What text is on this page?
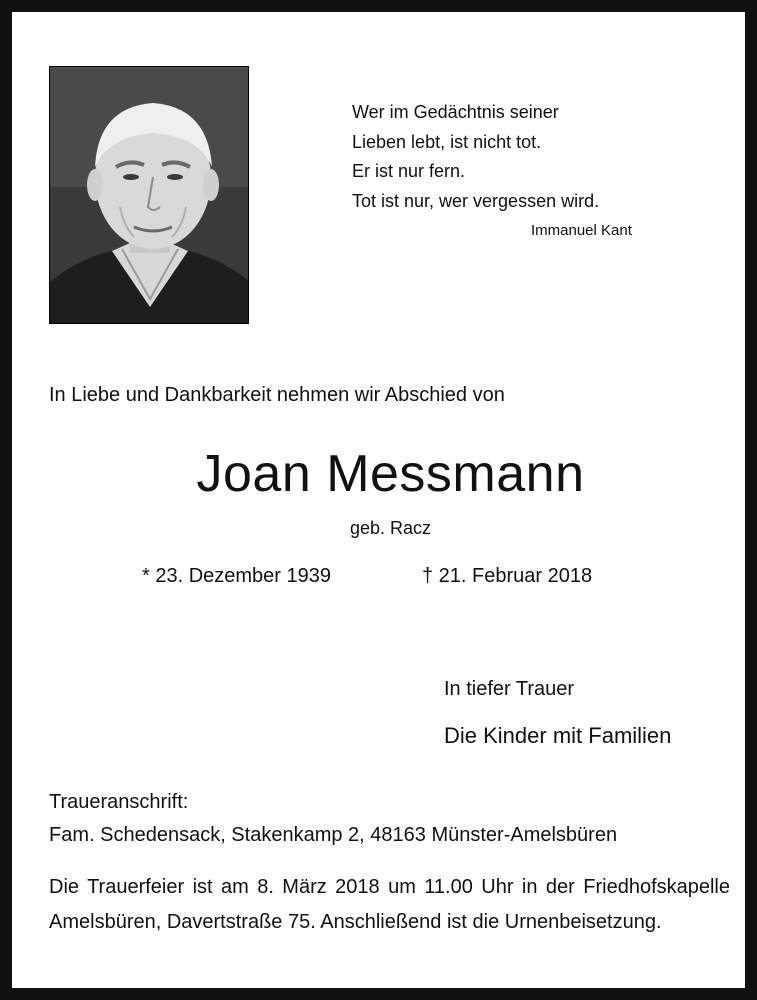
Wer im Gedächtnis seiner
Lieben lebt, ist nicht tot.
Er ist nur fern.
Tot ist nur, wer vergessen wird.
Immanuel Kant
In Liebe und Dankbarkeit nehmen wir Abschied von
Joan Messmann
geb. Racz
* 23. Dezember 1939	† 21. Februar 2018
In tiefer Trauer
Die Kinder mit Familien
Traueranschrift:
Fam. Schedensack, Stakenkamp 2, 48163 Münster-Amelsbüren
Die Trauerfeier ist am 8. März 2018 um 11.00 Uhr in der Friedhofskapelle Amelsbüren, Davertstraße 75. Anschließend ist die Urnenbeisetzung.
